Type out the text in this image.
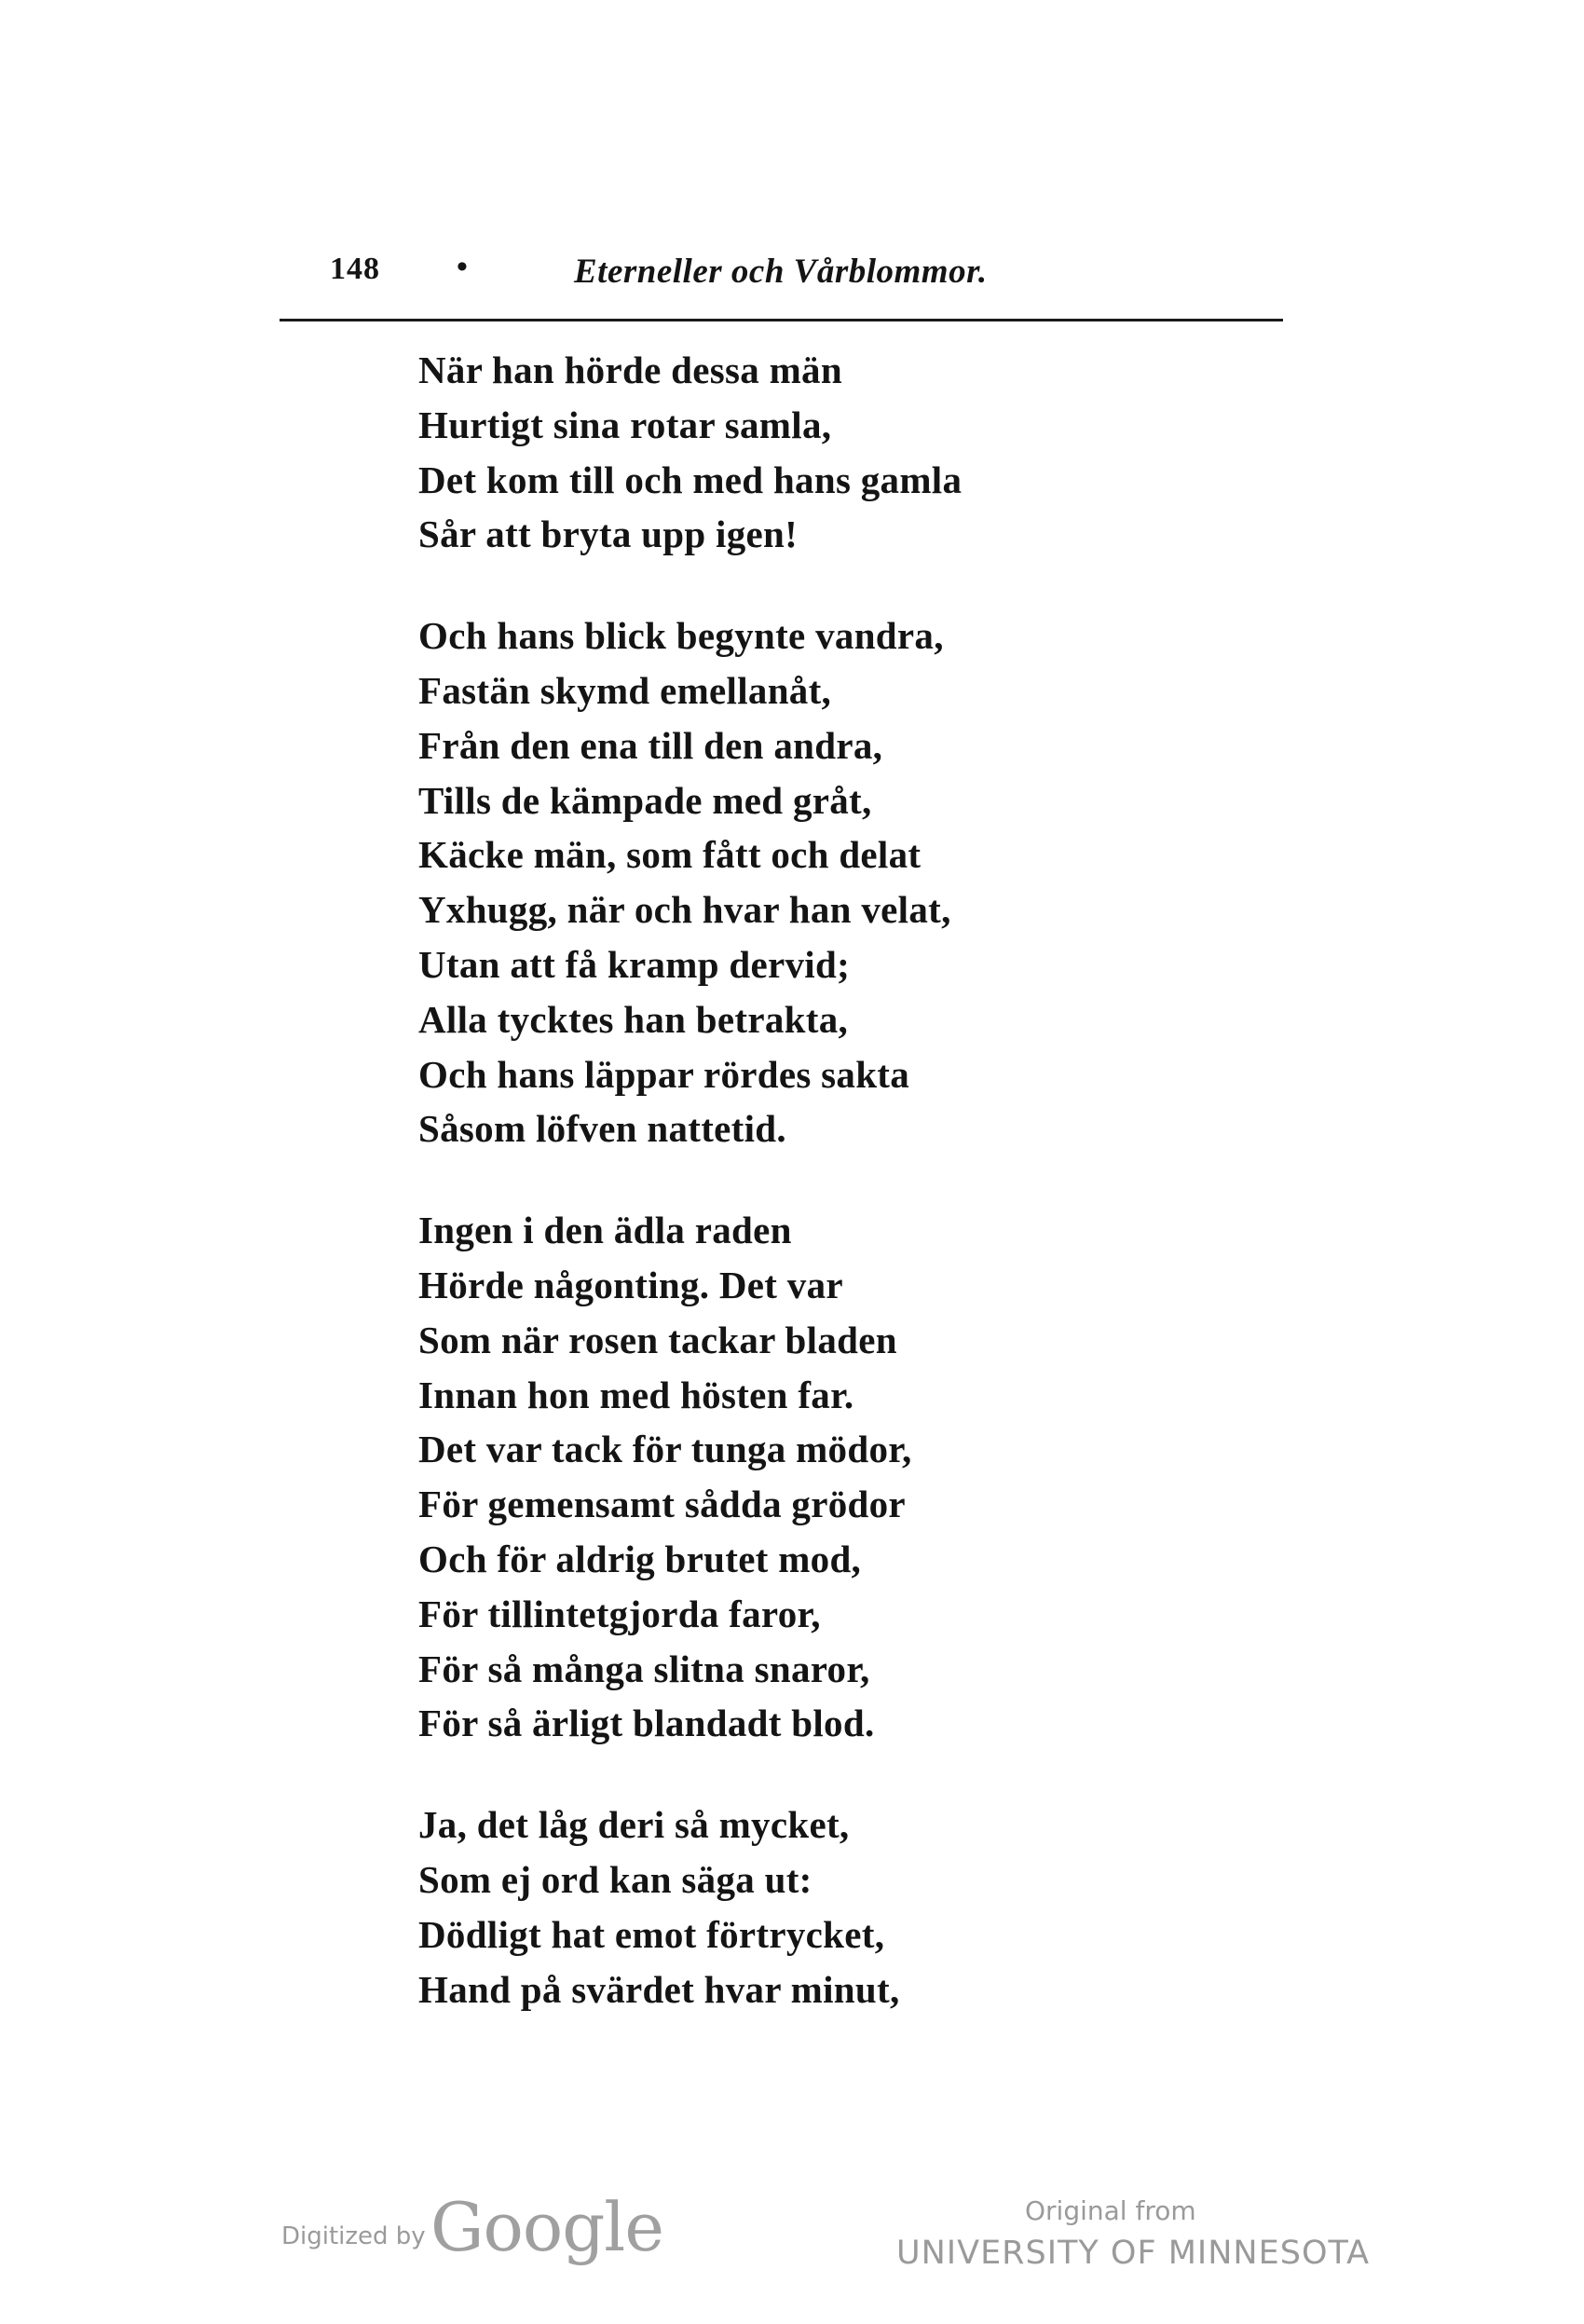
148 •	Eterneller och Vårblommor.
När han hörde dessa män
Hurtigt sina rotar samla,
Det kom till och med hans gamla
Sår att bryta upp igen!
Och hans blick begynte vandra,
Fastän skymd emellanåt,
Från den ena till den andra,
Tills de kämpade med gråt,
Käcke män, som fått och delat
Yxhugg, när och hvar han velat,
Utan att få kramp dervid;
Alla tycktes han betrakta,
Och hans läppar rördes sakta
Såsom löfven nattetid.
Ingen i den ädla raden
Hörde någonting. Det var
Som när rosen tackar bladen
Innan hon med hösten far.
Det var tack för tunga mödor,
För gemensamt sådda grödor
Och för aldrig brutet mod,
För tillintetgjorda faror,
För så många slitna snaror,
För så ärligt blandadt blod.
Ja, det låg deri så mycket,
Som ej ord kan säga ut:
Dödligt hat emot förtrycket,
Hand på svärdet hvar minut,
Digitized by Google	Original from
UNIVERSITY OF MINNESOTA
